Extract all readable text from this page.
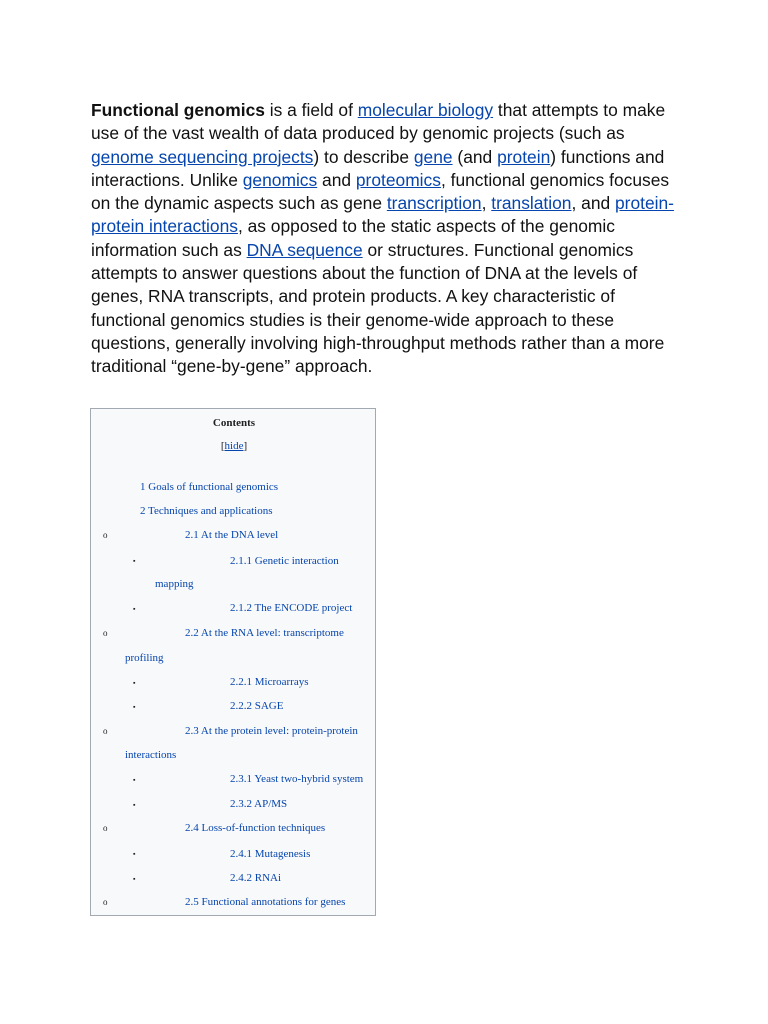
Functional genomics is a field of molecular biology that attempts to make use of the vast wealth of data produced by genomic projects (such as genome sequencing projects) to describe gene (and protein) functions and interactions. Unlike genomics and proteomics, functional genomics focuses on the dynamic aspects such as gene transcription, translation, and protein-protein interactions, as opposed to the static aspects of the genomic information such as DNA sequence or structures. Functional genomics attempts to answer questions about the function of DNA at the levels of genes, RNA transcripts, and protein products. A key characteristic of functional genomics studies is their genome-wide approach to these questions, generally involving high-throughput methods rather than a more traditional “gene-by-gene” approach.

Contents
[hide]
1 Goals of functional genomics
2 Techniques and applications
o	2.1 At the DNA level
▪	2.1.1 Genetic interaction
mapping
▪	2.1.2 The ENCODE project
o	2.2 At the RNA level: transcriptome
profiling
▪	2.2.1 Microarrays
▪	2.2.2 SAGE
o	2.3 At the protein level: protein-protein
interactions
▪	2.3.1 Yeast two-hybrid system
▪	2.3.2 AP/MS
o	2.4 Loss-of-function techniques
▪	2.4.1 Mutagenesis
▪	2.4.2 RNAi
o	2.5 Functional annotations for genes
